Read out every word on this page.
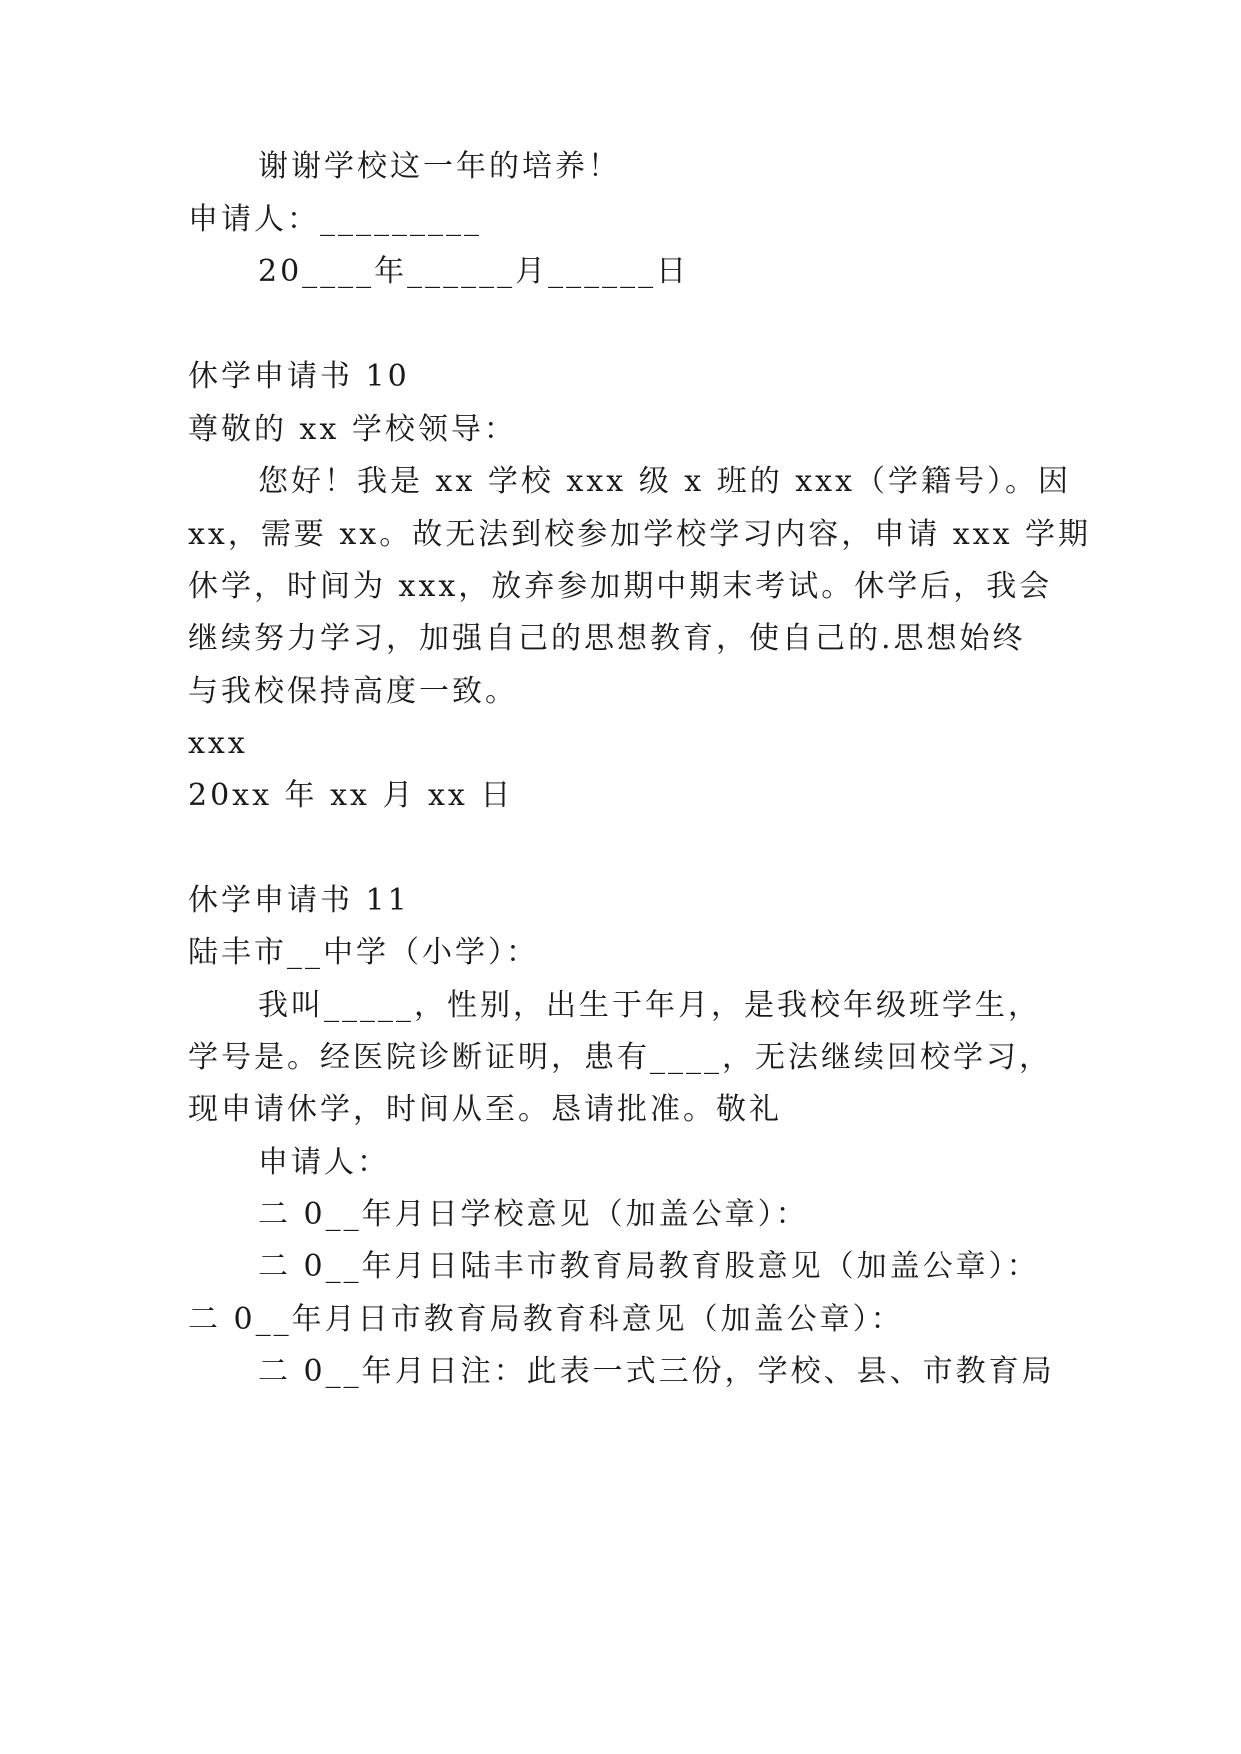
谢谢学校这一年的培养！
申请人：_________
20____年______月______日
休学申请书 10
尊敬的 xx 学校领导：
您好！我是 xx 学校 xxx 级 x 班的 xxx（学籍号）。因
xx，需要 xx。故无法到校参加学校学习内容，申请 xxx 学期
休学，时间为 xxx，放弃参加期中期末考试。休学后，我会
继续努力学习，加强自己的思想教育，使自己的.思想始终
与我校保持高度一致。
xxx
20xx 年 xx 月 xx 日
休学申请书 11
陆丰市__中学（小学）：
我叫_____，性别，出生于年月，是我校年级班学生，
学号是。经医院诊断证明，患有____，无法继续回校学习，
现申请休学，时间从至。恳请批准。敬礼
申请人：
二 0__年月日学校意见（加盖公章）：
二 0__年月日陆丰市教育局教育股意见（加盖公章）：
二 0__年月日市教育局教育科意见（加盖公章）：
二 0__年月日注：此表一式三份，学校、县、市教育局
